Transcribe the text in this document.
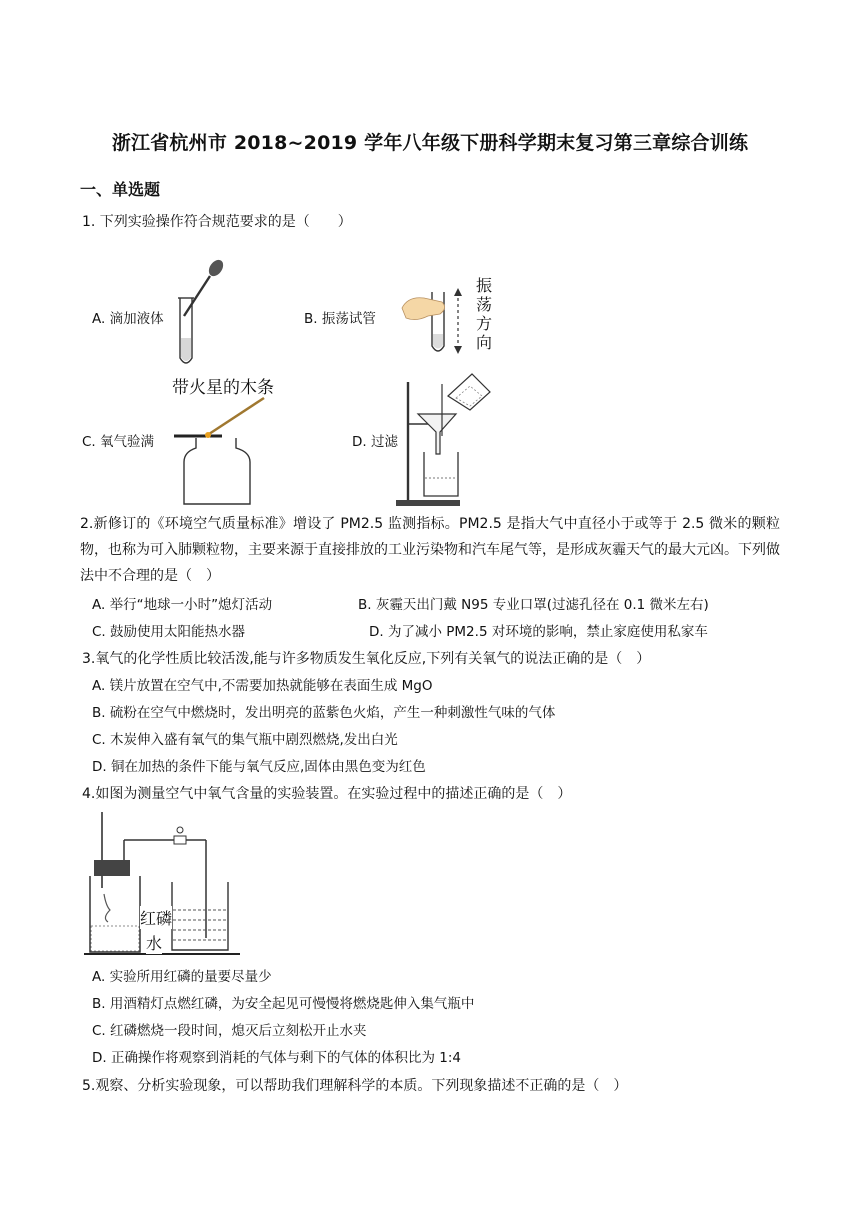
浙江省杭州市 2018~2019 学年八年级下册科学期末复习第三章综合训练
一、单选题
1. 下列实验操作符合规范要求的是（　　）
A. 滴加液体	B. 振荡试管
C. 氧气验满	D. 过滤
振
荡
方
向
带火星的木条
2.新修订的《环境空气质量标准》增设了 PM2.5 监测指标。PM2.5 是指大气中直径小于或等于 2.5 微米的颗粒物，也称为可入肺颗粒物，主要来源于直接排放的工业污染物和汽车尾气等，是形成灰霾天气的最大元凶。下列做法中不合理的是（　）
A. 举行“地球一小时”熄灯活动	B. 灰霾天出门戴 N95 专业口罩(过滤孔径在 0.1 微米左右)
C. 鼓励使用太阳能热水器	D. 为了减小 PM2.5 对环境的影响，禁止家庭使用私家车
3.氧气的化学性质比较活泼,能与许多物质发生氧化反应,下列有关氧气的说法正确的是（　）
A. 镁片放置在空气中,不需要加热就能够在表面生成 MgO
B. 硫粉在空气中燃烧时，发出明亮的蓝紫色火焰，产生一种刺激性气味的气体
C. 木炭伸入盛有氧气的集气瓶中剧烈燃烧,发出白光
D. 铜在加热的条件下能与氧气反应,固体由黑色变为红色
4.如图为测量空气中氧气含量的实验装置。在实验过程中的描述正确的是（　）
红磷
水
A. 实验所用红磷的量要尽量少
B. 用酒精灯点燃红磷，为安全起见可慢慢将燃烧匙伸入集气瓶中
C. 红磷燃烧一段时间，熄灭后立刻松开止水夹
D. 正确操作将观察到消耗的气体与剩下的气体的体积比为 1:4
5.观察、分析实验现象，可以帮助我们理解科学的本质。下列现象描述不正确的是（　）
